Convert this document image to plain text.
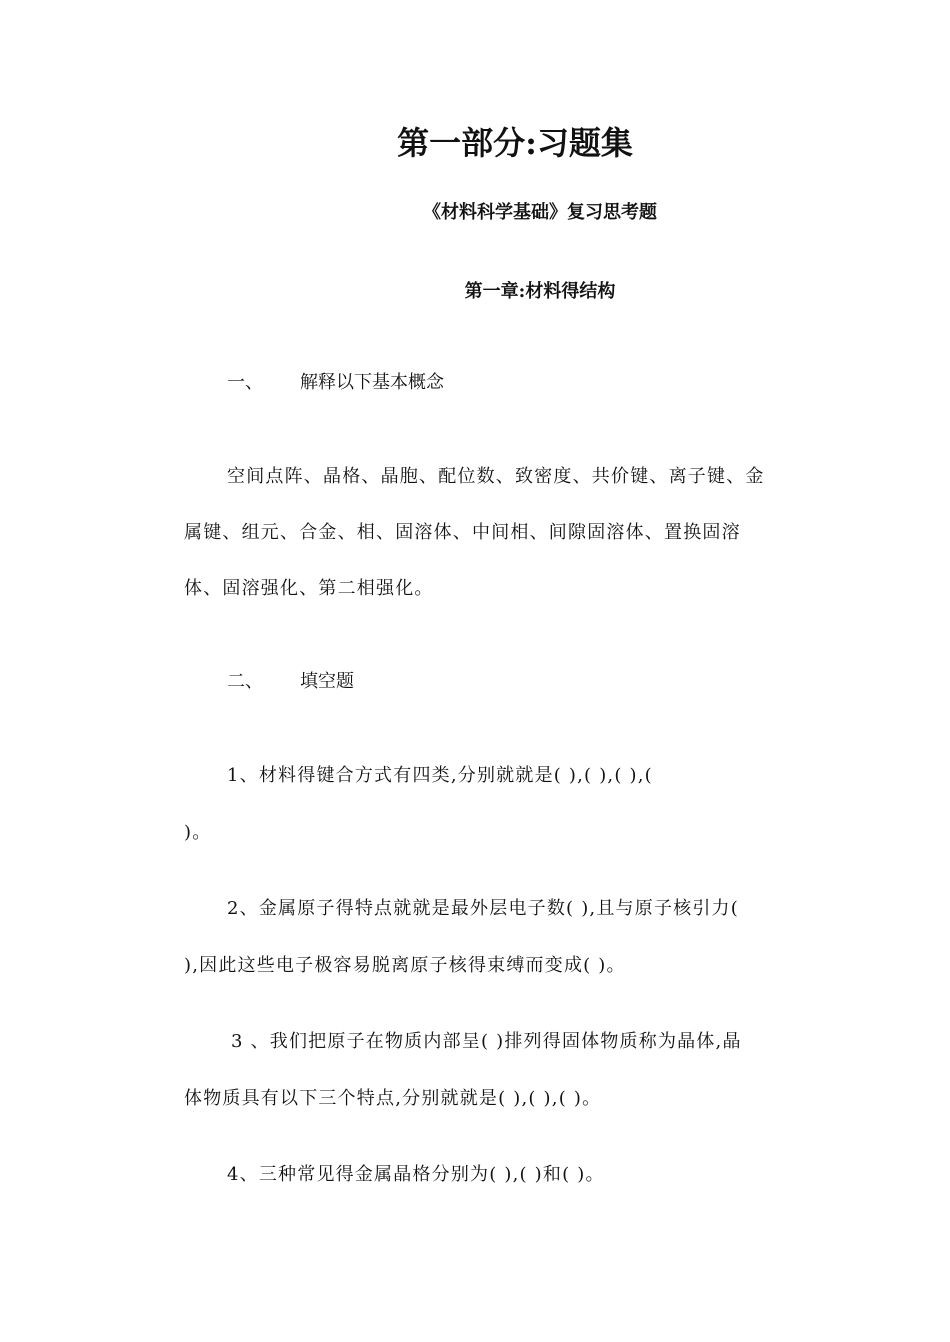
第一部分:习题集
《材料科学基础》复习思考题
第一章:材料得结构
一、 解释以下基本概念
空间点阵、晶格、晶胞、配位数、致密度、共价键、离子键、金
属键、组元、合金、相、固溶体、中间相、间隙固溶体、置换固溶
体、固溶强化、第二相强化。
二、 填空题
1、材料得键合方式有四类,分别就就是( ),( ),( ),(
)。
2、金属原子得特点就就是最外层电子数( ),且与原子核引力(
),因此这些电子极容易脱离原子核得束缚而变成( )。
3 、我们把原子在物质内部呈( )排列得固体物质称为晶体,晶
体物质具有以下三个特点,分别就就是( ),( ),( )。
4、三种常见得金属晶格分别为( ),( )和( )。
